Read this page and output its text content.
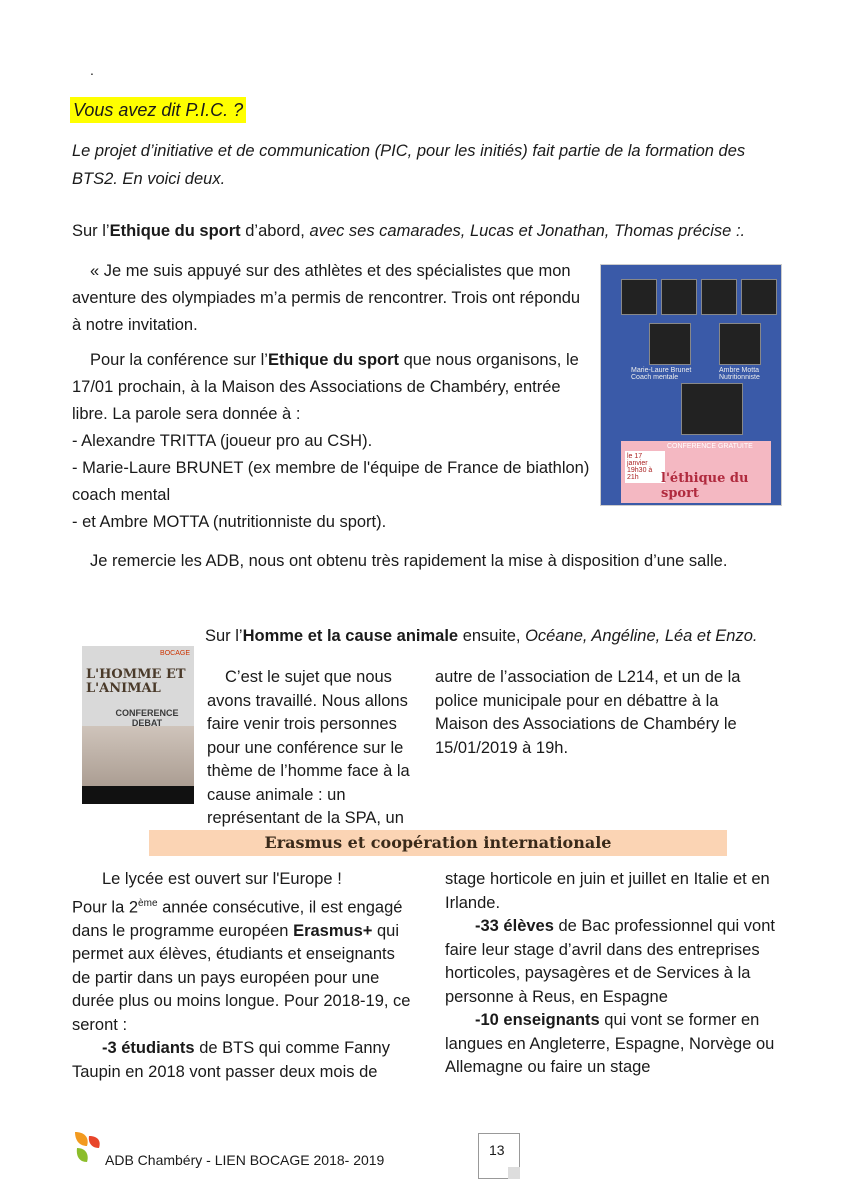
.
Vous avez dit P.I.C. ?
Le projet d’initiative et de communication (PIC, pour les initiés) fait partie de la formation des BTS2. En voici deux.
Sur l’Ethique du sport d’abord, avec ses camarades, Lucas et Jonathan, Thomas précise :.

« Je me suis appuyé sur des athlètes et des spécialistes que mon aventure des olympiades m’a permis de rencontrer. Trois ont répondu à notre invitation.

Pour la conférence sur l’Ethique du sport que nous organisons, le 17/01 prochain, à la Maison des Associations de Chambéry, entrée libre. La parole sera donnée à :

- Alexandre TRITTA (joueur pro au CSH).
- Marie-Laure BRUNET (ex membre de l'équipe de France de biathlon) coach mental
- et Ambre MOTTA (nutritionniste du sport).
Marie-Laure Brunet Coach mentale
Ambre Motta Nutritionniste
CONFERENCE GRATUITE
le 17 janvier 19h30 à 21h	l'éthique du sport
Je remercie les ADB, nous ont obtenu très rapidement la mise à disposition d’une salle.
Sur l’Homme et la cause animale ensuite, Océane, Angéline, Léa et Enzo.
BOCAGE
L'HOMME ET L'ANIMAL
CONFERENCE DEBAT
C’est le sujet que nous avons travaillé. Nous allons faire venir trois personnes pour une conférence sur le thème de l’homme face à la cause animale : un représentant de la SPA, un
autre de l’association de L214, et un de la police municipale pour en débattre à la Maison des Associations de Chambéry le 15/01/2019 à 19h.
Erasmus et coopération internationale

Le lycée est ouvert sur l'Europe !

Pour la 2ème année consécutive, il est engagé dans le programme européen Erasmus+ qui permet aux élèves, étudiants et enseignants de partir dans un pays européen pour une durée plus ou moins longue. Pour 2018-19, ce seront :

-3 étudiants de BTS qui comme Fanny Taupin en 2018 vont passer deux mois de

stage horticole en juin et juillet en Italie et en Irlande.

-33 élèves de Bac professionnel qui vont faire leur stage d’avril dans des entreprises horticoles, paysagères et de Services à la personne à Reus, en Espagne

-10 enseignants qui vont se former en langues en Angleterre, Espagne, Norvège ou Allemagne ou faire un stage

ADB Chambéry - LIEN BOCAGE 2018- 2019
13
